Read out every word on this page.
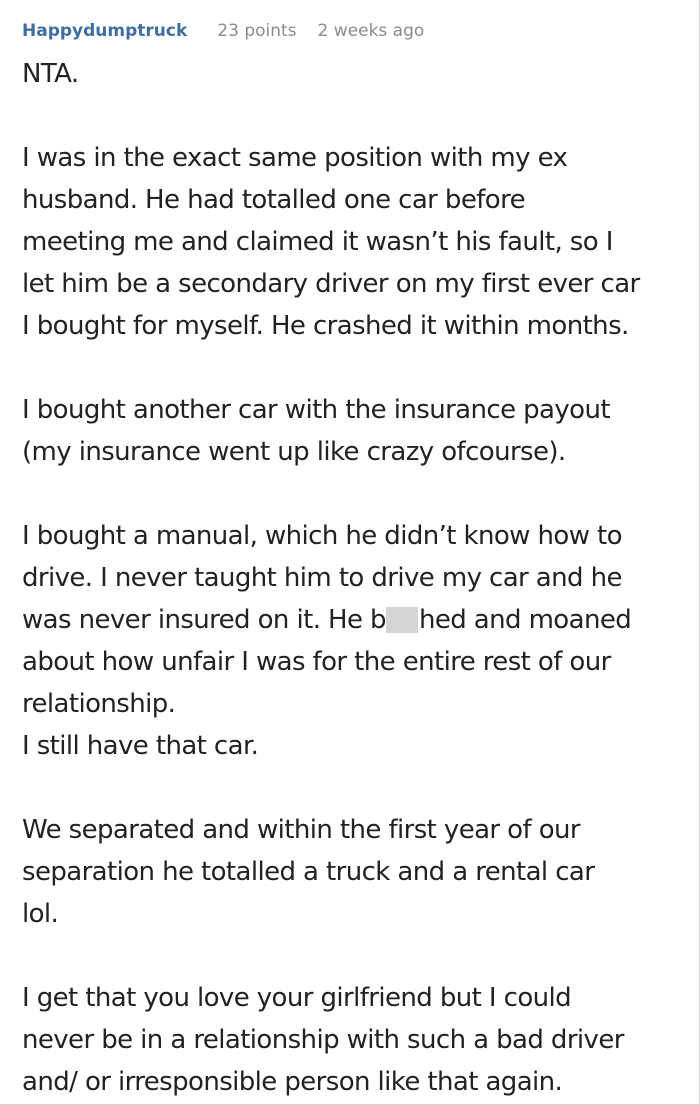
Happydumptruck 23 points 2 weeks ago

NTA.

I was in the exact same position with my ex

husband. He had totalled one car before

meeting me and claimed it wasn’t his fault, so I

let him be a secondary driver on my first ever car

I bought for myself. He crashed it within months.

I bought another car with the insurance payout

(my insurance went up like crazy ofcourse).

I bought a manual, which he didn’t know how to

drive. I never taught him to drive my car and he

was never insured on it. He b hed and moaned

about how unfair I was for the entire rest of our

relationship.

I still have that car.

We separated and within the first year of our

separation he totalled a truck and a rental car

lol.

I get that you love your girlfriend but I could

never be in a relationship with such a bad driver

and/ or irresponsible person like that again.
